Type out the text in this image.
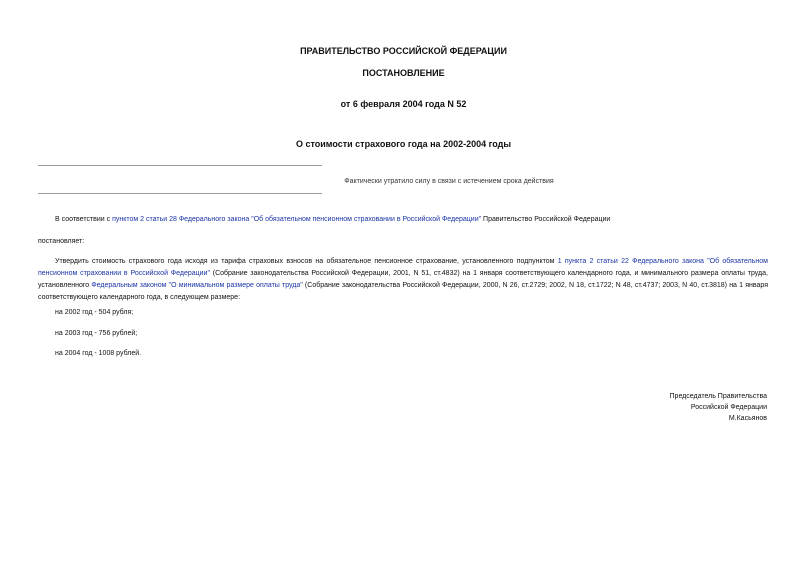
ПРАВИТЕЛЬСТВО РОССИЙСКОЙ ФЕДЕРАЦИИ
ПОСТАНОВЛЕНИЕ
от 6 февраля 2004 года N 52
О стоимости страхового года на 2002-2004 годы
Фактически утратило силу в связи с истечением срока действия
В соответствии с пунктом 2 статьи 28 Федерального закона "Об обязательном пенсионном страховании в Российской Федерации" Правительство Российской Федерации
постановляет:
Утвердить стоимость страхового года исходя из тарифа страховых взносов на обязательное пенсионное страхование, установленного подпунктом 1 пункта 2 статьи 22 Федерального закона "Об обязательном пенсионном страховании в Российской Федерации" (Собрание законодательства Российской Федерации, 2001, N 51, ст.4832) на 1 января соответствующего календарного года, и минимального размера оплаты труда, установленного Федеральным законом "О минимальном размере оплаты труда" (Собрание законодательства Российской Федерации, 2000, N 26, ст.2729; 2002, N 18, ст.1722; N 48, ст.4737; 2003, N 40, ст.3818) на 1 января соответствующего календарного года, в следующем размере:
на 2002 год - 504 рубля;
на 2003 год - 756 рублей;
на 2004 год - 1008 рублей.
Председатель Правительства
Российской Федерации
М.Касьянов
